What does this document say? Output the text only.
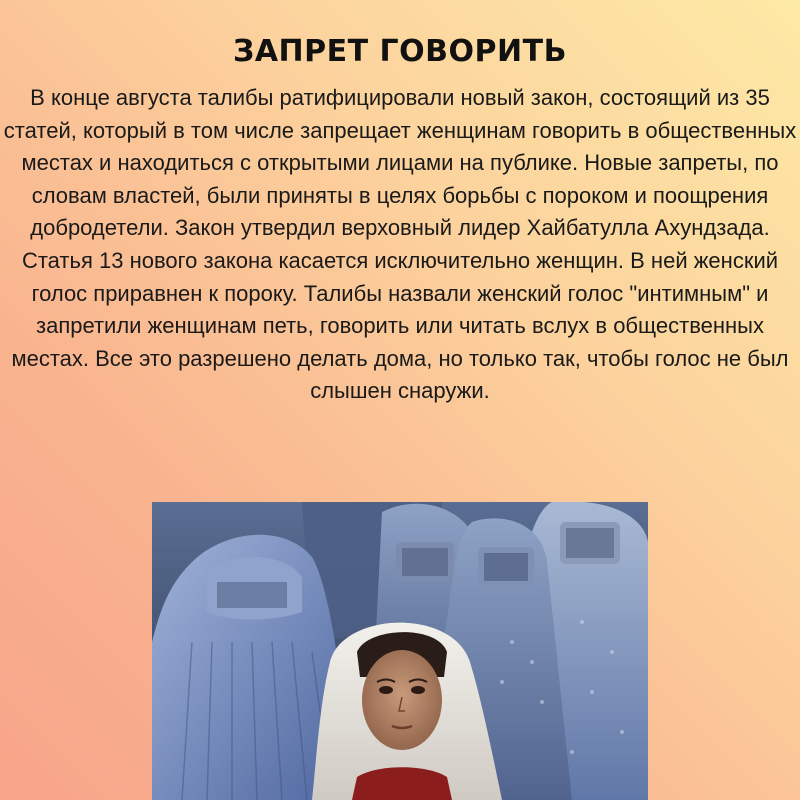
ЗАПРЕТ ГОВОРИТЬ

В конце августа талибы ратифицировали новый закон, состоящий из 35 статей, который в том числе запрещает женщинам говорить в общественных местах и находиться с открытыми лицами на публике. Новые запреты, по словам властей, были приняты в целях борьбы с пороком и поощрения добродетели. Закон утвердил верховный лидер Хайбатулла Ахундзада.

Статья 13 нового закона касается исключительно женщин. В ней женский голос приравнен к пороку. Талибы назвали женский голос "интимным" и запретили женщинам петь, говорить или читать вслух в общественных местах. Все это разрешено делать дома, но только так, чтобы голос не был слышен снаружи.
